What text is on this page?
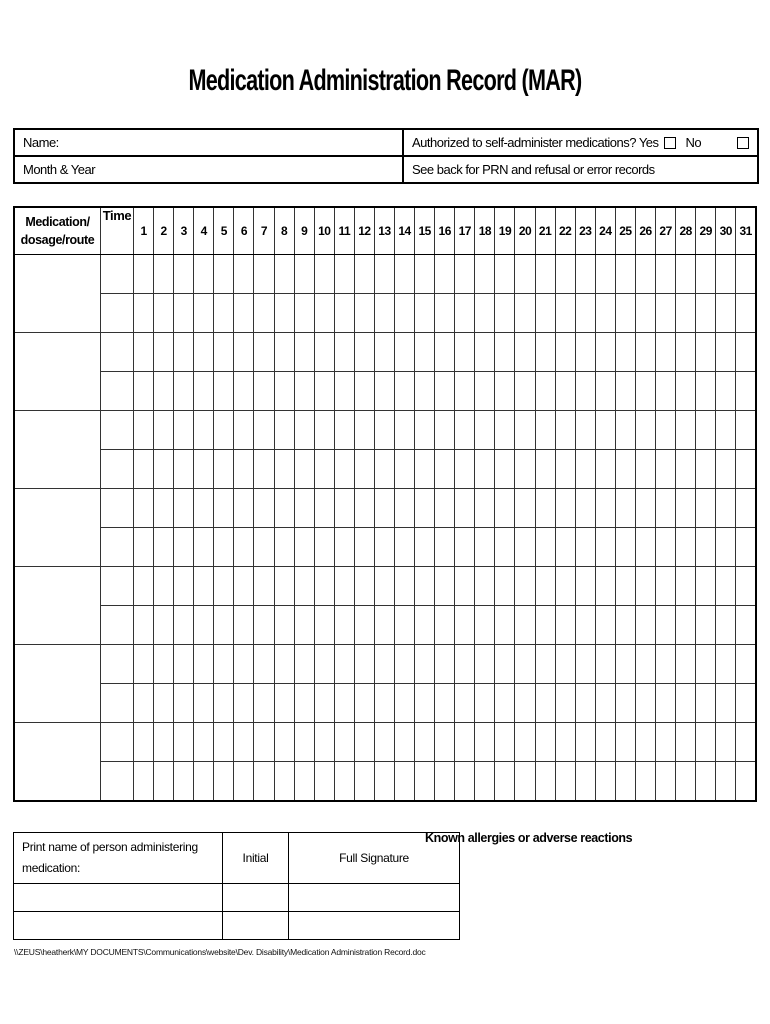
Medication Administration Record (MAR)
Name:	Authorized to self-administer medications? Yes No

Month & Year	See back for PRN and refusal or error records
Medication/
dosage/route	Time	1	2	3	4	5	6	7	8	9	10	11	12	13	14	15	16	17	18	19	20	21	22	23	24	25	26	27	28	29	30	31

Print name of person administering
medication:	Initial	Full Signature

Known allergies or adverse reactions
\\ZEUS\heatherk\MY DOCUMENTS\Communications\website\Dev. Disability\Medication Administration Record.doc
